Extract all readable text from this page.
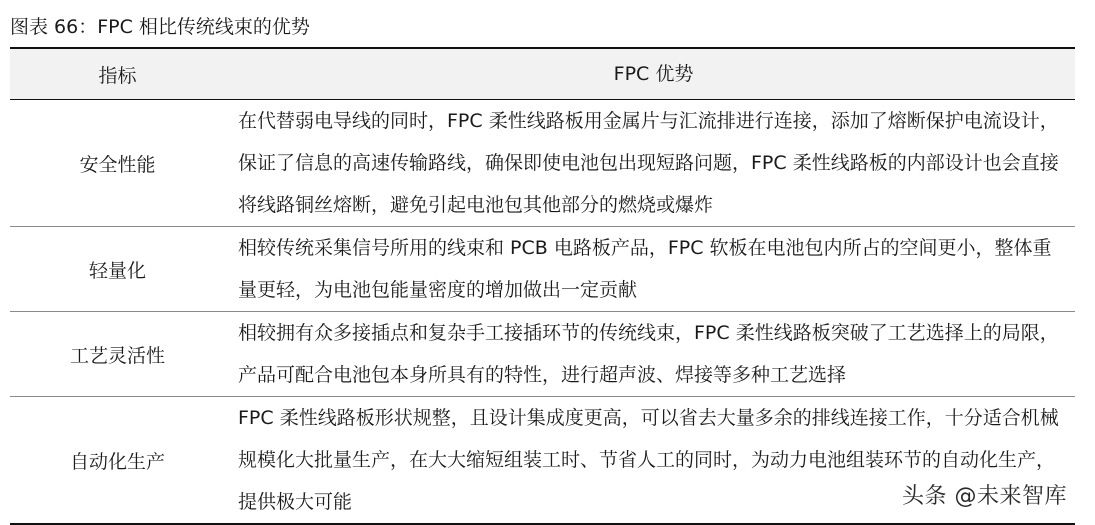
图表 66：FPC 相比传统线束的优势
指标	FPC 优势
安全性能
在代替弱电导线的同时，FPC 柔性线路板用金属片与汇流排进行连接，添加了熔断保护电流设计，保证了信息的高速传输路线，确保即使电池包出现短路问题，FPC 柔性线路板的内部设计也会直接将线路铜丝熔断，避免引起电池包其他部分的燃烧或爆炸
轻量化
相较传统采集信号所用的线束和 PCB 电路板产品，FPC 软板在电池包内所占的空间更小，整体重量更轻，为电池包能量密度的增加做出一定贡献
工艺灵活性
相较拥有众多接插点和复杂手工接插环节的传统线束，FPC 柔性线路板突破了工艺选择上的局限，产品可配合电池包本身所具有的特性，进行超声波、焊接等多种工艺选择
自动化生产
FPC 柔性线路板形状规整，且设计集成度更高，可以省去大量多余的排线连接工作，十分适合机械规模化大批量生产，在大大缩短组装工时、节省人工的同时，为动力电池组装环节的自动化生产，提供极大可能	头条 @未来智库
